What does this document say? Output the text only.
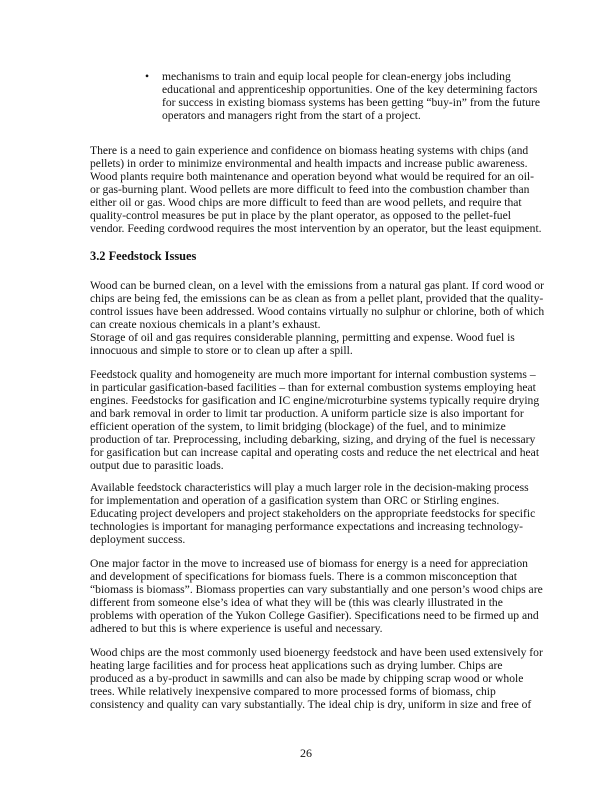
• mechanisms to train and equip local people for clean-energy jobs including
educational and apprenticeship opportunities. One of the key determining factors
for success in existing biomass systems has been getting “buy-in” from the future
operators and managers right from the start of a project.
There is a need to gain experience and confidence on biomass heating systems with chips (and
pellets) in order to minimize environmental and health impacts and increase public awareness.
Wood plants require both maintenance and operation beyond what would be required for an oil-
or gas-burning plant. Wood pellets are more difficult to feed into the combustion chamber than
either oil or gas. Wood chips are more difficult to feed than are wood pellets, and require that
quality-control measures be put in place by the plant operator, as opposed to the pellet-fuel
vendor. Feeding cordwood requires the most intervention by an operator, but the least equipment.
3.2 Feedstock Issues
Wood can be burned clean, on a level with the emissions from a natural gas plant. If cord wood or
chips are being fed, the emissions can be as clean as from a pellet plant, provided that the quality-
control issues have been addressed. Wood contains virtually no sulphur or chlorine, both of which
can create noxious chemicals in a plant’s exhaust.
Storage of oil and gas requires considerable planning, permitting and expense. Wood fuel is
innocuous and simple to store or to clean up after a spill.
Feedstock quality and homogeneity are much more important for internal combustion systems –
in particular gasification-based facilities – than for external combustion systems employing heat
engines. Feedstocks for gasification and IC engine/microturbine systems typically require drying
and bark removal in order to limit tar production. A uniform particle size is also important for
efficient operation of the system, to limit bridging (blockage) of the fuel, and to minimize
production of tar. Preprocessing, including debarking, sizing, and drying of the fuel is necessary
for gasification but can increase capital and operating costs and reduce the net electrical and heat
output due to parasitic loads.
Available feedstock characteristics will play a much larger role in the decision-making process
for implementation and operation of a gasification system than ORC or Stirling engines.
Educating project developers and project stakeholders on the appropriate feedstocks for specific
technologies is important for managing performance expectations and increasing technology-
deployment success.
One major factor in the move to increased use of biomass for energy is a need for appreciation
and development of specifications for biomass fuels. There is a common misconception that
“biomass is biomass”. Biomass properties can vary substantially and one person’s wood chips are
different from someone else’s idea of what they will be (this was clearly illustrated in the
problems with operation of the Yukon College Gasifier). Specifications need to be firmed up and
adhered to but this is where experience is useful and necessary.
Wood chips are the most commonly used bioenergy feedstock and have been used extensively for
heating large facilities and for process heat applications such as drying lumber. Chips are
produced as a by-product in sawmills and can also be made by chipping scrap wood or whole
trees. While relatively inexpensive compared to more processed forms of biomass, chip
consistency and quality can vary substantially. The ideal chip is dry, uniform in size and free of
26
